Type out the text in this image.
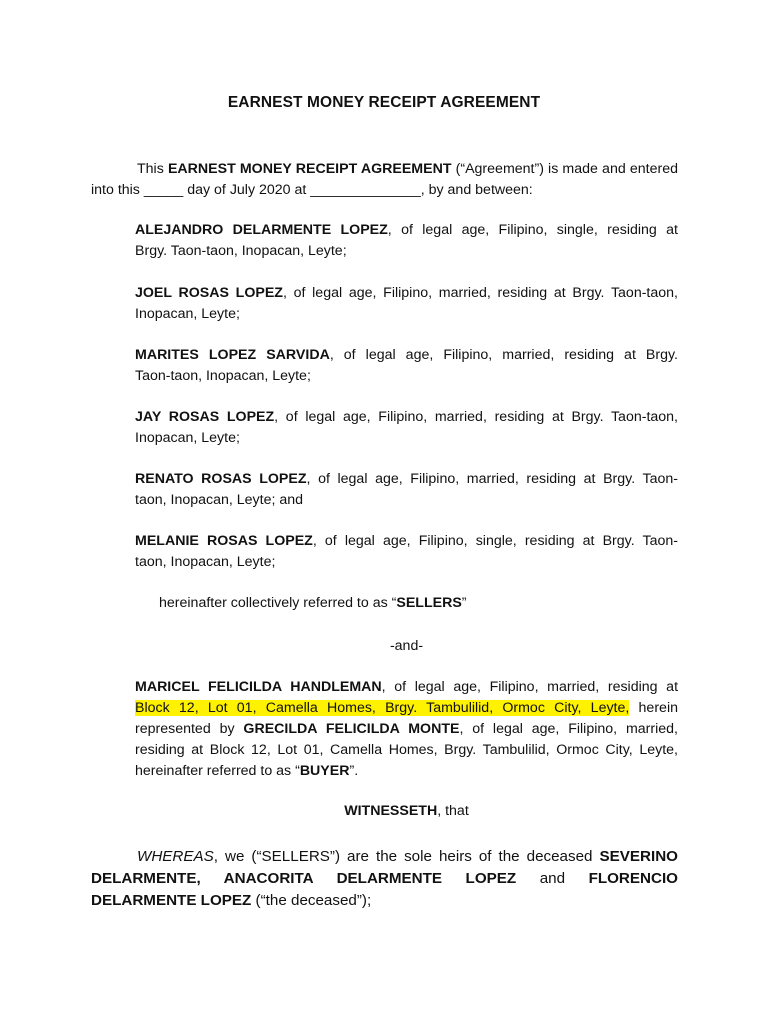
EARNEST MONEY RECEIPT AGREEMENT
This EARNEST MONEY RECEIPT AGREEMENT (“Agreement”) is made and entered
into this _____ day of July 2020 at ______________, by and between:
ALEJANDRO DELARMENTE LOPEZ, of legal age, Filipino, single, residing at
Brgy. Taon-taon, Inopacan, Leyte;
JOEL ROSAS LOPEZ, of legal age, Filipino, married, residing at Brgy. Taon-taon,
Inopacan, Leyte;
MARITES LOPEZ SARVIDA, of legal age, Filipino, married, residing at Brgy.
Taon-taon, Inopacan, Leyte;
JAY ROSAS LOPEZ, of legal age, Filipino, married, residing at Brgy. Taon-taon,
Inopacan, Leyte;
RENATO ROSAS LOPEZ, of legal age, Filipino, married, residing at Brgy. Taon-
taon, Inopacan, Leyte; and
MELANIE ROSAS LOPEZ, of legal age, Filipino, single, residing at Brgy. Taon-
taon, Inopacan, Leyte;
hereinafter collectively referred to as “SELLERS”
-and-
MARICEL FELICILDA HANDLEMAN, of legal age, Filipino, married, residing at
Block 12, Lot 01, Camella Homes, Brgy. Tambulilid, Ormoc City, Leyte, herein
represented by GRECILDA FELICILDA MONTE, of legal age, Filipino, married,
residing at Block 12, Lot 01, Camella Homes, Brgy. Tambulilid, Ormoc City, Leyte,
hereinafter referred to as “BUYER”.
WITNESSETH, that
WHEREAS, we (“SELLERS”) are the sole heirs of the deceased SEVERINO
DELARMENTE, ANACORITA DELARMENTE LOPEZ and FLORENCIO
DELARMENTE LOPEZ (“the deceased”);
